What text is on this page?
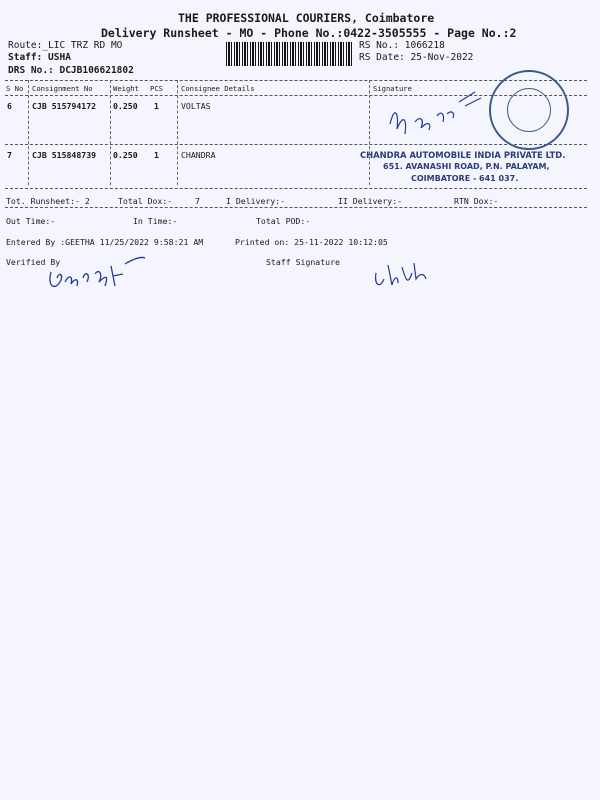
THE PROFESSIONAL COURIERS, Coimbatore
Delivery Runsheet - MO - Phone No.:0422-3505555 - Page No.:2
Route:_LIC TRZ RD MO
Staff: USHA
DRS No.: DCJB106621802
RS No.: 1066218
RS Date: 25-Nov-2022
S No Consignment No	Weight PCS	Consignee Details	Signature
6 CJB 515794172 0.250 1	VOLTAS
7 CJB 515848739 0.250 1	CHANDRA	CHANDRA AUTOMOBILE INDIA PRIVATE LTD.
651. AVANASHI ROAD, P.N. PALAYAM,
COIMBATORE - 641 037.
Tot. Runsheet:- 2	Total Dox:-	7	I Delivery:-	II Delivery:-	RTN Dox:-
Out Time:-	In Time:-	Total POD:-
Entered By :GEETHA 11/25/2022 9:58:21 AM	Printed on: 25-11-2022 10:12:05
Verified By	Staff Signature
